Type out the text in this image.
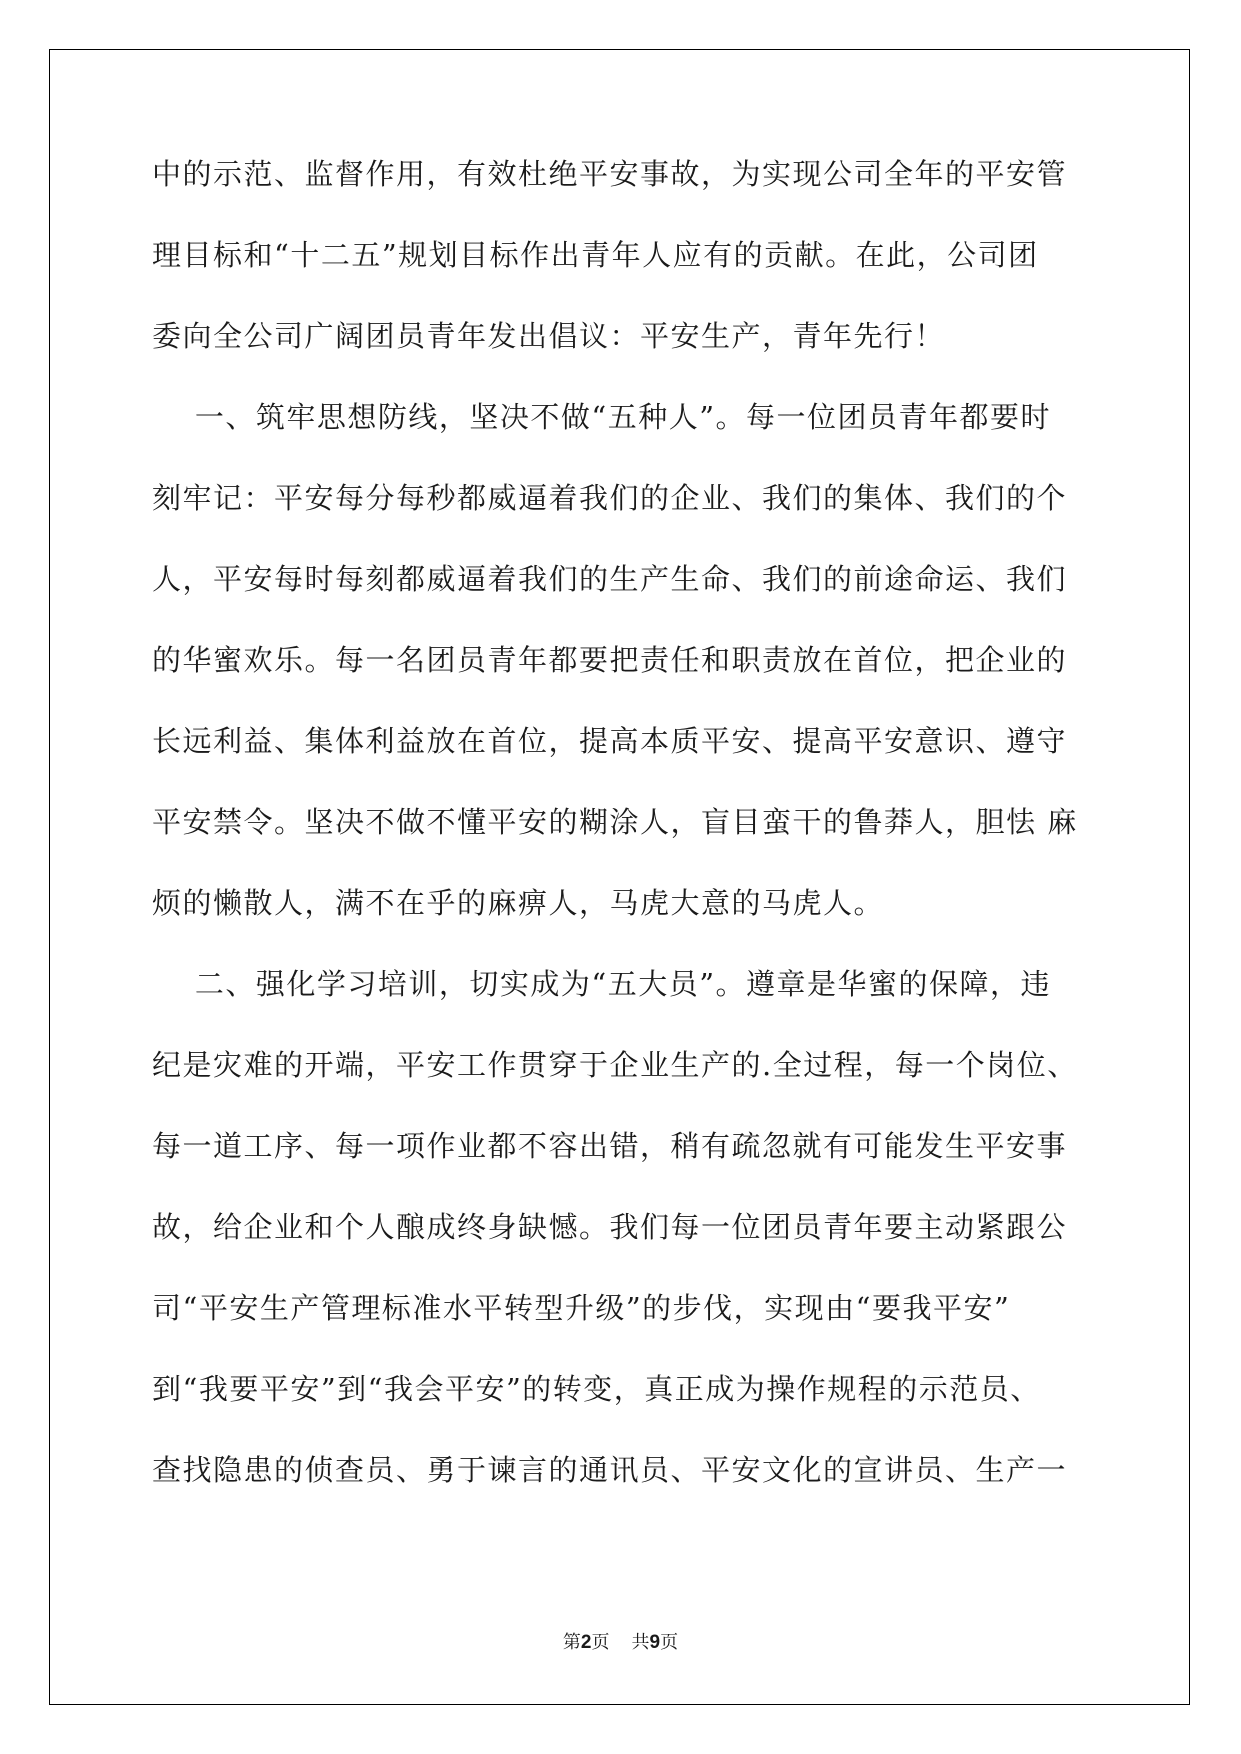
中的示范、监督作用，有效杜绝平安事故，为实现公司全年的平安管
理目标和“十二五”规划目标作出青年人应有的贡献。在此，公司团
委向全公司广阔团员青年发出倡议：平安生产，青年先行！
一、筑牢思想防线，坚决不做“五种人”。每一位团员青年都要时
刻牢记：平安每分每秒都威逼着我们的企业、我们的集体、我们的个
人，平安每时每刻都威逼着我们的生产生命、我们的前途命运、我们
的华蜜欢乐。每一名团员青年都要把责任和职责放在首位，把企业的
长远利益、集体利益放在首位，提高本质平安、提高平安意识、遵守
平安禁令。坚决不做不懂平安的糊涂人，盲目蛮干的鲁莽人，胆怯 麻
烦的懒散人，满不在乎的麻痹人，马虎大意的马虎人。
二、强化学习培训，切实成为“五大员”。遵章是华蜜的保障，违
纪是灾难的开端，平安工作贯穿于企业生产的.全过程，每一个岗位、
每一道工序、每一项作业都不容出错，稍有疏忽就有可能发生平安事
故，给企业和个人酿成终身缺憾。我们每一位团员青年要主动紧跟公
司“平安生产管理标准水平转型升级”的步伐，实现由“要我平安”
到“我要平安”到“我会平安”的转变，真正成为操作规程的示范员、
查找隐患的侦查员、勇于谏言的通讯员、平安文化的宣讲员、生产一
第2页 共9页
